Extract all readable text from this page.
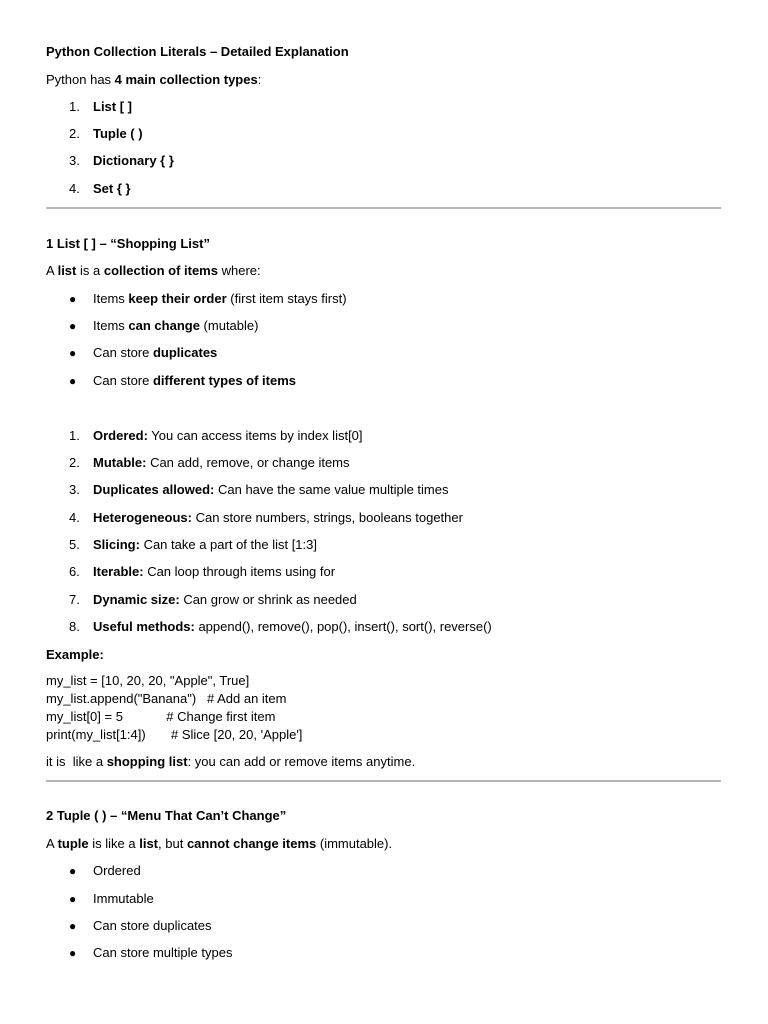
Python Collection Literals – Detailed Explanation
Python has 4 main collection types:
1. List [ ]
2. Tuple ( )
3. Dictionary { }
4. Set { }
1 List [ ] – “Shopping List”
A list is a collection of items where:
● Items keep their order (first item stays first)
● Items can change (mutable)
● Can store duplicates
● Can store different types of items
1. Ordered: You can access items by index list[0]
2. Mutable: Can add, remove, or change items
3. Duplicates allowed: Can have the same value multiple times
4. Heterogeneous: Can store numbers, strings, booleans together
5. Slicing: Can take a part of the list [1:3]
6. Iterable: Can loop through items using for
7. Dynamic size: Can grow or shrink as needed
8. Useful methods: append(), remove(), pop(), insert(), sort(), reverse()
Example:
my_list = [10, 20, 20, "Apple", True]
my_list.append("Banana")   # Add an item
my_list[0] = 5            # Change first item
print(my_list[1:4])       # Slice [20, 20, 'Apple']
it is  like a shopping list: you can add or remove items anytime.
2 Tuple ( ) – “Menu That Can’t Change”
A tuple is like a list, but cannot change items (immutable).
● Ordered
● Immutable
● Can store duplicates
● Can store multiple types
